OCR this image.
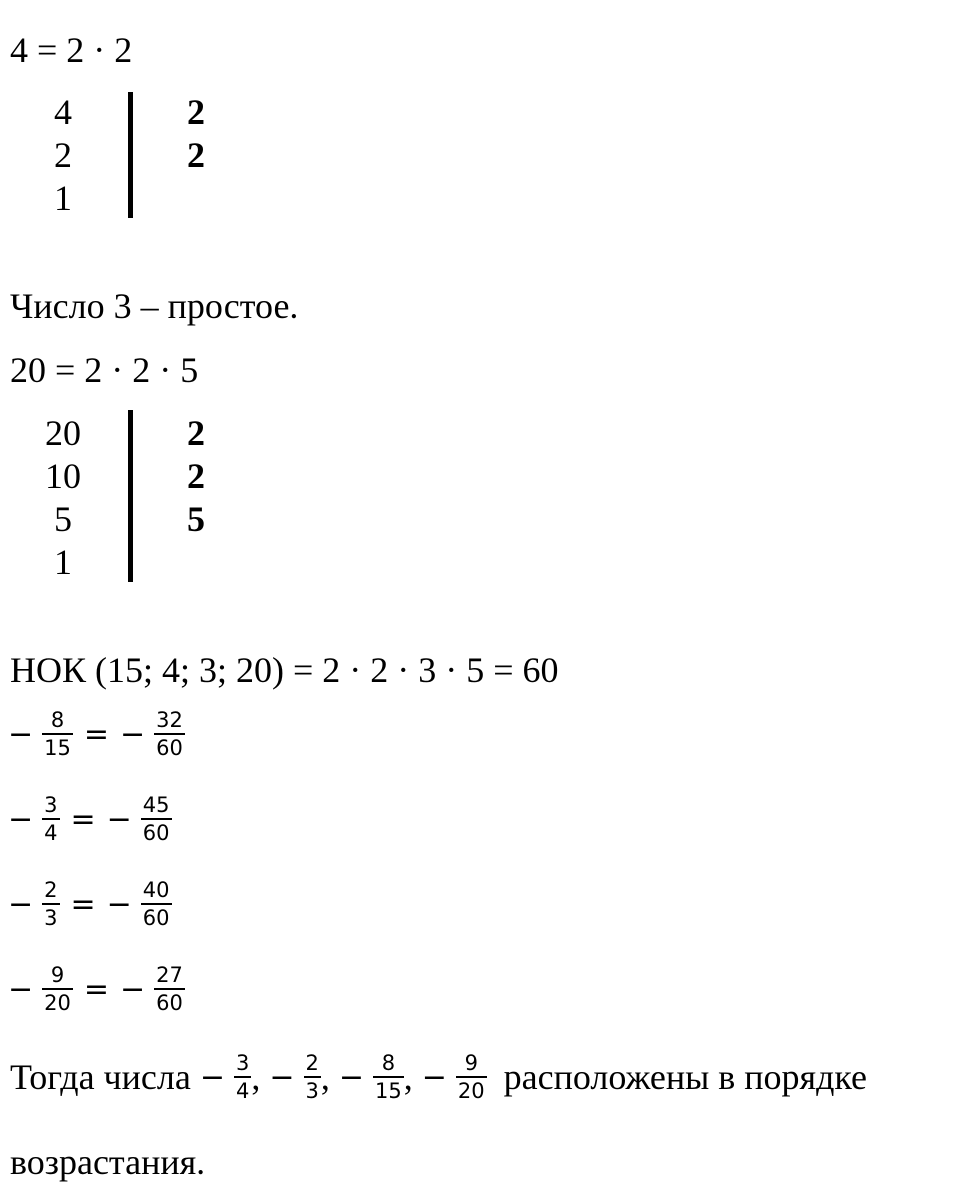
4 = 2 · 2
4
2
1
2
2
Число 3 – простое.
20 = 2 · 2 · 5
20
10
5
1
2
2
5
НОК (15; 4; 3; 20) = 2 · 2 · 3 · 5 = 60
− $\frac{8}{15}$ = − $\frac{32}{60}$
− $\frac{3}{4}$ = − $\frac{45}{60}$
− $\frac{2}{3}$ = − $\frac{40}{60}$
− $\frac{9}{20}$ = − $\frac{27}{60}$
Тогда числа − $\frac{3}{4}$ , − $\frac{2}{3}$ , − $\frac{8}{15}$ , − $\frac{9}{20}$ расположены в порядке
возрастания.
